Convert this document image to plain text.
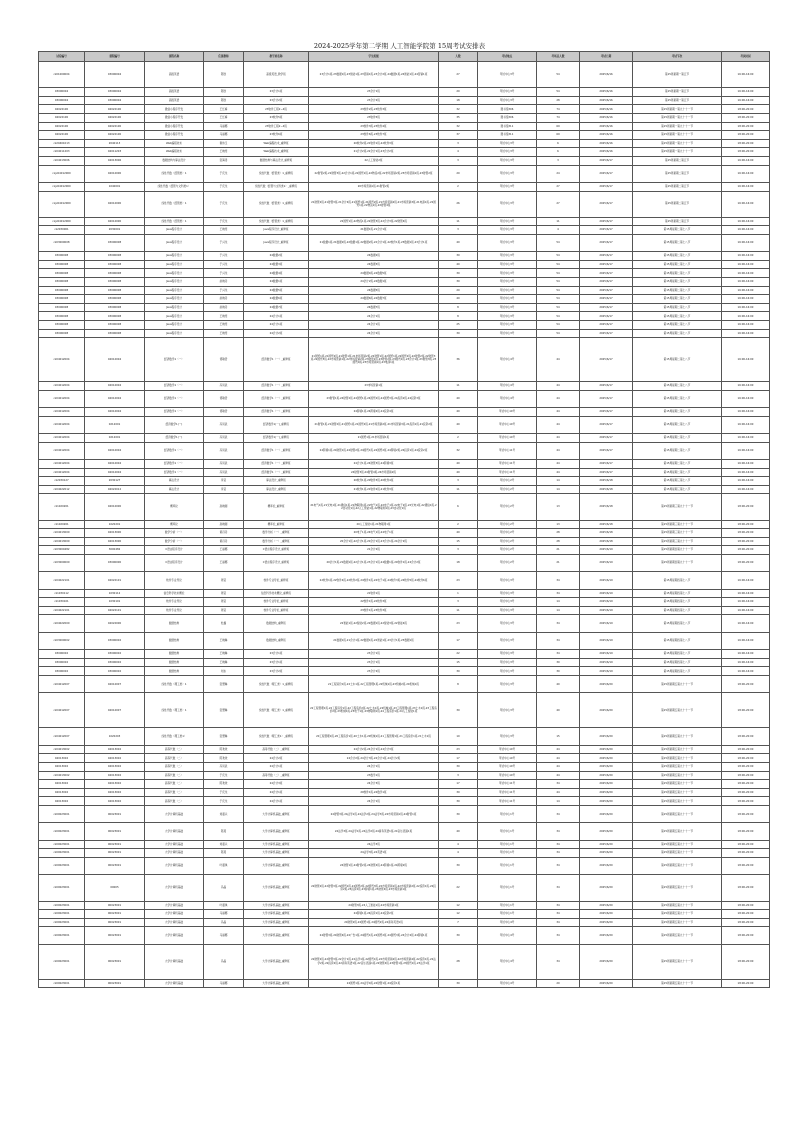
2024-2025学年第二学期 人工智能学院第 15周考试安排表
试卷编号	课程编号	课程名称	任课教师	教学班名称	学生班级	人数	考试地点	考场总人数	考试日期	考试节次	考试时间
cz01000004	03000004	高级英语	陈欣	高级英语_教学班	23会计1班,23数据1班,23智能1班,23营销1班,23会计2班,24数据1班,24智能1班,24营销1班	27	考试中心3号	54	2025/6/16	第15周星期一第五节	16:00-16:00
03000004	03000004	高级英语	陈欣	23会计1班	23会计1班	20	考试中心3号	54	2025/6/16	第15周星期一第五节	16:00-16:00
03000004	03000004	高级英语	陈欣	23会计2班	23会计2班	18	考试中心3号	28	2025/6/16	第15周星期一第五节	16:00-16:00
04022100	04022100	微信小程序开发	王红梅	23软件工程2~4班	23软件2班,23软件3班	32	图书馆306	74	2025/6/16	第15周星期一第九十十一节	18:00-20:00
04022100	04022100	微信小程序开发	王红梅	23软件5班	23软件5班	35	图书馆306	74	2025/6/16	第15周星期一第九十十一节	18:00-20:00
04022100	04022100	微信小程序开发	马丽娜	23软件工程2~4班	23软件3班,23软件4班	32	图书馆311	69	2025/6/16	第15周星期一第九十十一节	18:00-20:00
04022100	04022100	微信小程序开发	马丽娜	23软件6班	23软件6班,23软件7班	37	图书馆311	69	2025/6/16	第15周星期一第九十十一节	18:00-20:00
cz20401013	2040113	Web编程技术	秦伟玉	Web编程技术_重修班	20软件2班,21软件1班,22软件3班	3	考试中心3号	6	2025/6/16	第15周星期一第九十十一节	18:00-20:00
cz04011203	04011203	Web编程技术	王晓雯	Web编程技术_重修班	21会计2班,22会计1班,23会计2班	4	考试中心3号	6	2025/6/16	第15周星期一第九十十一节	18:00-20:00
cz04013006	04013006	数据结构与算法设计	张海涛	数据结构与算法设计_重修班	22人工智能2班	3	考试中心3号	3	2025/6/17	第15周星期二第五节	16:00-16:00
cxjx04012000	04012000	线性代数（经管类）1	于庆龙	线性代数（经管类）1_重修班	22财管2班,22财管3班,22会计1班,22国贸1班,22物流2班,22市场营销2班,23市场营销1班,23财管2班	20	考试中心3号	24	2025/6/17	第15周星期二第五节	16:00-16:00
cxjx04012000	1040001	线性代数（经管与文科类1）	于庆龙	线性代数（经管与文科类1）_重修班	20市场营销1班,21财管2班	2	考试中心3号	27	2025/6/17	第15周星期二第五节	16:00-16:00
cxjx04012000	04012000	线性代数（经管类）1	于庆龙	线性代数（经管类）1_重修班	21财管2班,21财管3班,21会计4班,21国贸1班,21国贸2班,21市场营销2班,21市场营销3班,21电商1班,22国贸1班,22物流1班,22财管4班	26	考试中心3号	27	2025/6/17	第15周星期二第五节	16:00-16:00
cxjx04012000	04012000	线性代数（经管类）1	于庆龙	线性代数（经管类）1_重修班	22国贸1班,22物流1班,22财管3班,22会计3班,22财管4班	11	考试中心3号	11	2025/6/17	第15周星期二第五节	16:00-16:00
cz2030001	2030001	Java程序设计	王晓雯	Java程序设计_重修班	21数据1班,21会计1班	3	考试中心3号	4	2025/6/17	第15周星期二第七八节	16:00-16:00
cz03000008	03000008	Java程序设计	于兴龙	Java程序设计_重修班	21数据1班,21数据2班,22数据1班,22数据2班,22会计1班,22软件1班,23数据1班,23会计1班	40	考试中心3号	54	2025/6/17	第15周星期二第七八节	16:00-16:00
03000008	03000008	Java程序设计	于兴龙	24数据2班	24数据2班	30	考试中心3号	54	2025/6/17	第15周星期二第七八节	16:00-16:00
03000008	03000008	Java程序设计	于兴龙	24数据3班	24数据3班	40	考试中心3号	54	2025/6/17	第15周星期二第七八节	16:00-16:00
03000008	03000008	Java程序设计	于兴龙	24数据4班	24数据4班,24数据5班	30	考试中心3号	54	2025/6/17	第15周星期二第七八节	16:00-16:00
03000008	03000008	Java程序设计	赵晓丹	24数据1班	24会计2班,24数据1班	30	考试中心3号	54	2025/6/17	第15周星期二第七八节	16:00-16:00
03000008	03000008	Java程序设计	于兴龙	24数据5班	24数据5班	20	考试中心3号	54	2025/6/17	第15周星期二第七八节	16:00-16:00
03000008	03000008	Java程序设计	赵晓丹	24数据6班	24数据6班,24数据7班	40	考试中心3号	54	2025/6/17	第15周星期二第七八节	16:00-16:00
03000008	03000008	Java程序设计	赵晓丹	24数据7班	24数据7班	8	考试中心3号	54	2025/6/17	第15周星期二第七八节	16:00-16:00
03000008	03000008	Java程序设计	王晓雯	24会计1班	24会计1班	8	考试中心3号	54	2025/6/17	第15周星期二第七八节	16:00-16:00
03000008	03000008	Java程序设计	王晓雯	24会计1班	24会计1班	25	考试中心3号	54	2025/6/17	第15周星期二第七八节	16:00-16:00
03000008	03000008	Java程序设计	王晓雯	24会计2班	24会计2班	30	考试中心3号	54	2025/6/17	第15周星期二第七八节	16:00-16:00
cz04012004	04012004	经济数学1（一）	谭敏哲	经济数学1（一）_重修班	21国贸1班,21国贸2班,21财管1班,21市场营销2班,22财管1班,22国贸1班,22国贸2班,22财管2班,22财管3班,22国贸3班,22市场营销1班,22市场营销2班,23财管1班,23财管2班,23国贸1班,23会计1班,23财管3班,23国贸4班,23市场营销1班,23电商1班	36	考试中心4号	44	2025/6/17	第15周星期二第七八节	16:00-16:00
cz04012004	04012004	经济数学1（一）	冯凤武	经济数学1（一）_重修班	23市场营销1班	11	考试中心4号	44	2025/6/17	第15周星期二第七八节	16:00-16:00
cz04012004	04012004	经济数学1（一）	谭敏哲	经济数学1（一）_重修班	23财管1班,24财管2班,24国贸1班,24国贸2班,24国贸3班,24投资2班,24投资3班	40	考试中心4号	44	2025/6/17	第15周星期二第七八节	16:00-16:00
cz04012004	04012004	经济数学1（一）	谭敏哲	经济数学1（一）_重修班	24跨境1班,24跨境2班,24投资4班	40	考试中心10号	44	2025/6/17	第15周星期二第七八节	16:00-16:00
cz04012004	0212001	经济数学1(一)	冯凤武	经济数学1(一)_重修班	21财管1班,21财管2班,21国贸1班,21国贸2班,21市场营销2班,21市场营销3班,21投资1班,21投资2班	40	考试中心10号	44	2025/6/17	第15周星期二第七八节	16:00-16:00
cz04012004	0212001	经济数学1(一)	冯凤武	经济数学1(一)_重修班	21国贸1班,21市场营销1班	2	考试中心10号	44	2025/6/17	第15周星期二第七八节	16:00-16:00
cz04012004	04012004	经济数学1（一）	冯凤武	经济数学1（一）_重修班	24跨境1班,24财管1班,24财管2班,24国贸1班,24国贸2班,24跨境2班,24投资1班,24投资2班	32	考试中心11号	44	2025/6/17	第15周星期二第七八节	16:00-16:00
cz04012004	04012004	经济数学1（一）	冯凤武	经济数学1（一）_重修班	24会计1班,24财管3班,24跨境3班	40	考试中心11号	44	2025/6/17	第15周星期二第七八节	16:00-16:00
cz04012004	04012004	经济数学1（一）	冯凤武	经济数学1（一）_重修班	24财管3班,24财管4班,24市场营销2班	40	考试中心11号	44	2025/6/17	第15周星期二第七八节	16:00-16:00
cz2030127	2030127	算法设计	李莹	算法设计_重修班	20软件1班,20软件3班,20软件4班	3	考试中心2号	14	2025/6/18	第15周星期三第七八节	16:00-16:00
cz04022012	04022012	算法设计	李莹	算法设计_重修班	21软件1班,21软件2班,21软件3班	11	考试中心2号	14	2025/6/18	第15周星期三第七八节	16:00-16:00
cz1020201	04012000	概率论	孙晓刚	概率论_重修班	21电气1班,21光电1班,21通信1班,21物联网1班,22电气1班,22电子1班,22电子2班,22光电1班,22通信1班,22自动化1班,22人工智能1班,22物联网1班,23自动化1班	6	考试中心2号	13	2025/6/18	第15周星期三第九十十一节	18:00-20:00
cz1020201	1020201	概率论	孙晓刚	概率论_重修班	20人工智能1班,21物联网1班	2	考试中心2号	13	2025/6/18	第15周星期三第九十十一节	18:00-20:00
cz04013000	04013000	数学分析（一）	黄丹丹	数学分析（一）_重修班	20电子1班,24电气1班,24电子1班	40	考试中心2号	28	2025/6/18	第15周星期三第九十十一节	18:00-20:00
cz04013000	04013000	数学分析（一）	黄丹丹	数学分析（一）_重修班	20会计1班,22会计1班,20会计1班,23会计1班,24会计2班	15	考试中心2号	28	2025/6/18	第15周星期三第九十十一节	18:00-20:00
cz03000482	3000482	C语言程序设计	王丽娜	C语言程序设计_重修班	21会计2班	3	考试中心2号	21	2025/6/19	第15周星期四第九十十一节	18:00-20:00
cz03000000	03000000	C语言程序设计	王丽娜	C语言程序设计_重修班	20会计1班,21数据1班,22会计1班,23会计1班,24数据1班,24软件1班,24会计2班	18	考试中心2号	21	2025/6/19	第15周星期四第九十十一节	18:00-20:00
cz04022101	04022101	软件专业导论	周莹	软件专业导论_重修班	22软件1班,22软件4班,22软件2班,24软件1班,24电子1班,24软件3班,24软件5班,24软件6班	23	考试中心3号	34	2025/6/19	第15周星期四第七八节	16:00-16:00
cz1030112	1030112	信息科学技术概论	周莹	信息科学技术概论_重修班	21软件1班	1	考试中心3号	34	2025/6/19	第15周星期四第七八节	16:00-16:00
cz1030101	1030101	软件专业导论	周莹	软件专业导论_重修班	22软件1班,22软件3班	3	考试中心3号	14	2025/6/19	第15周星期四第七八节	16:00-16:00
cz04022101	04022101	软件专业导论	周莹	软件专业导论_重修班	23软件1班,23软件3班	11	考试中心3号	14	2025/6/19	第15周星期四第七八节	16:00-16:00
cz04022000	04022000	数据结构	杜鑫	数据结构_重修班	22智能1班,22智能2班,22数据1班,22智能3班,22智能4班	23	考试中心3号	34	2025/6/19	第15周星期四第七八节	16:00-16:00
cz03000002	03000002	数据结构	王晓琳	数据结构_重修班	21数据1班,21会计1班,22数据1班,22智能1班,23会计1班,23数据1班	17	考试中心3号	34	2025/6/19	第15周星期四第七八节	16:00-16:00
03000002	03000002	数据结构	王晓琳	23会计1班	23会计1班	22	考试中心3号	34	2025/6/19	第15周星期四第七八节	16:00-16:00
03000002	03000002	数据结构	王晓琳	23会计1班	23会计1班	15	考试中心3号	30	2025/6/19	第15周星期四第七八节	16:00-16:00
03000002	03000002	数据结构	刘永	23会计2班	23会计2班	30	考试中心3号	30	2025/6/19	第15周星期四第七八节	16:00-16:00
cz04012007	04012007	线性代数（理工类）1	张慧琳	线性代数（理工类）1_重修班	22工程造价1班,22土木1班,22工程管理1班,22机械1班,23机械2班,24机械1班	8	考试中心3号	40	2025/6/20	第15周星期五第九十十一节	18:00-20:00
cz04012007	04012007	线性代数（理工类）1	张慧琳	线性代数（理工类）1_重修班	22工程管理1班,22工程造价1班,22工程造价2班,22土木1班,22机械1班,23工程管理1班,23土木1班,23工程造价2班,23机械1班,23电子1班,23物联网1班,24工程造价1班,24人工智能1班	30	考试中心3号	40	2025/6/20	第15周星期五第九十十一节	18:00-20:00
cz04012007	1020203	线性代数（理工类1）	张慧琳	线性代数（理工类1）_重修班	20工程管理1班,20工程造价1班,20土木1班,20机械1班,21工程管理1班,21工程造价1班,21土木1班	10	考试中心3号	15	2025/6/20	第15周星期五第九十十一节	18:00-20:00
cz04013002	04013002	高等代数（二）	陈欢欢	高等代数（二）_重修班	24会计2班,24会计1班,24会计3班	23	考试中心10号	44	2025/6/20	第15周星期五第九十十一节	18:00-20:00
04013002	04013002	高等代数（二）	陈欢欢	24会计2班	24会计2班,24会计3班,24会计1班,24会计2班	17	考试中心10号	44	2025/6/20	第15周星期五第九十十一节	18:00-20:00
04013002	04013002	高等代数（二）	冯凤武	24会计1班	24会计1班	30	考试中心10号	44	2025/6/20	第15周星期五第九十十一节	18:00-20:00
cz04013002	04013002	高等代数（二）	于庆龙	高等代数（二）_重修班	23数学1班	3	考试中心10号	44	2025/6/20	第15周星期五第九十十一节	18:00-20:00
04013002	04013002	高等代数（二）	陈欢欢	24会计3班	24会计3班	17	考试中心11号	34	2025/6/20	第15周星期五第九十十一节	18:00-20:00
04013002	04013002	高等代数（二）	于庆龙	24会计1班	20软件1班,24数学1班	30	考试中心11号	44	2025/6/20	第15周星期五第九十十一节	18:00-20:00
04013002	04013002	高等代数（二）	于庆龙	24会计1班	24会计1班	30	考试中心11号	14	2025/6/20	第15周星期五第九十十一节	18:00-20:00
cz00023001	00023001	大学计算机基础	刘嘉兴	大学计算机基础_重修班	24财管3班,24法学1班,24法学2班,24法学3班,24市场营销1班,24财管1班	30	考试中心1号	34	2025/6/20	第15周星期五第九十十一节	18:00-20:00
cz00023001	00023001	大学计算机基础	陈燕	大学计算机基础_重修班	24法学3班,24法学1班,24法学2班,24商务英语1班,24音乐表演1班	40	考试中心1号	34	2025/6/20	第15周星期五第九十十一节	18:00-20:00
cz00023001	00023001	大学计算机基础	刘嘉兴	大学计算机基础_重修班	24法学3班	4	考试中心1号	34	2025/6/20	第15周星期五第九十十一节	18:00-20:00
cz00023001	00023001	大学计算机基础	陈燕	大学计算机基础_重修班	24法学3班,24英语1班	4	考试中心1号	34	2025/6/20	第15周星期五第九十十一节	18:00-20:00
cz00023001	00023001	大学计算机基础	叶嘉琪	大学计算机基础_重修班	24财管1班,24财管2班,24财管4班,24跨境1班,24跨境2班	30	考试中心1号	34	2025/6/20	第15周星期五第九十十一节	18:00-20:00
cz00023001	00005	大学计算机基础	冯晶	大学计算机基础_重修班	22财管2班,22财管3班,22国贸1班,22国贸2班,22国贸3班,22市场营销1班,22市场营销2班,22投资1班,22投资2班,23投资2班,23跨境1班,23财管4班,23市场营销1班	22	考试中心1号	34	2025/6/20	第15周星期五第九十十一节	18:00-20:00
cz00023001	00023001	大学计算机基础	叶嘉琪	大学计算机基础_重修班	24财管3班,24人工智能1班,24市场营销1班	12	考试中心1号	34	2025/6/20	第15周星期五第九十十一节	18:00-20:00
cz00023001	00023001	大学计算机基础	马丽娜	大学计算机基础_重修班	24跨境1班,24投资1班,24投资2班	12	考试中心1号	34	2025/6/20	第15周星期五第九十十一节	18:00-20:00
cz00023001	00023001	大学计算机基础	冯晶	大学计算机基础_重修班	24财管2班,24国贸1班,24国贸2班,24商务英语1班	7	考试中心4号	34	2025/6/20	第15周星期五第九十十一节	18:00-20:00
cz00023001	00023001	大学计算机基础	马丽娜	大学计算机基础_重修班	24财管3班,24财管4班,24广告1班,24国贸1班,24国贸2班,24国贸3班,24会计4班,24跨境1班	30	考试中心4号	34	2025/6/20	第15周星期五第九十十一节	18:00-20:00
cz00023001	00023001	大学计算机基础	冯晶	大学计算机基础_重修班	22财管2班,22财管3班,22会计1班,22法学1班,22国贸1班,22市场营销2班,22市场营销4班,22投资1班,22法学2班,22投资2班,22商务英语1班,22音乐表演1班,22财管4班,23财管1班,23国贸1班,23法学1班	28	考试中心4号	34	2025/6/20	第15周星期五第九十十一节	18:00-20:00
cz00023001	00023001	大学计算机基础	马丽娜	大学计算机基础_重修班	24国贸1班,24法学4班,24财管1班,24投资1班	30	考试中心4号	20	2025/6/20	第15周星期五第九十十一节	18:00-20:00
